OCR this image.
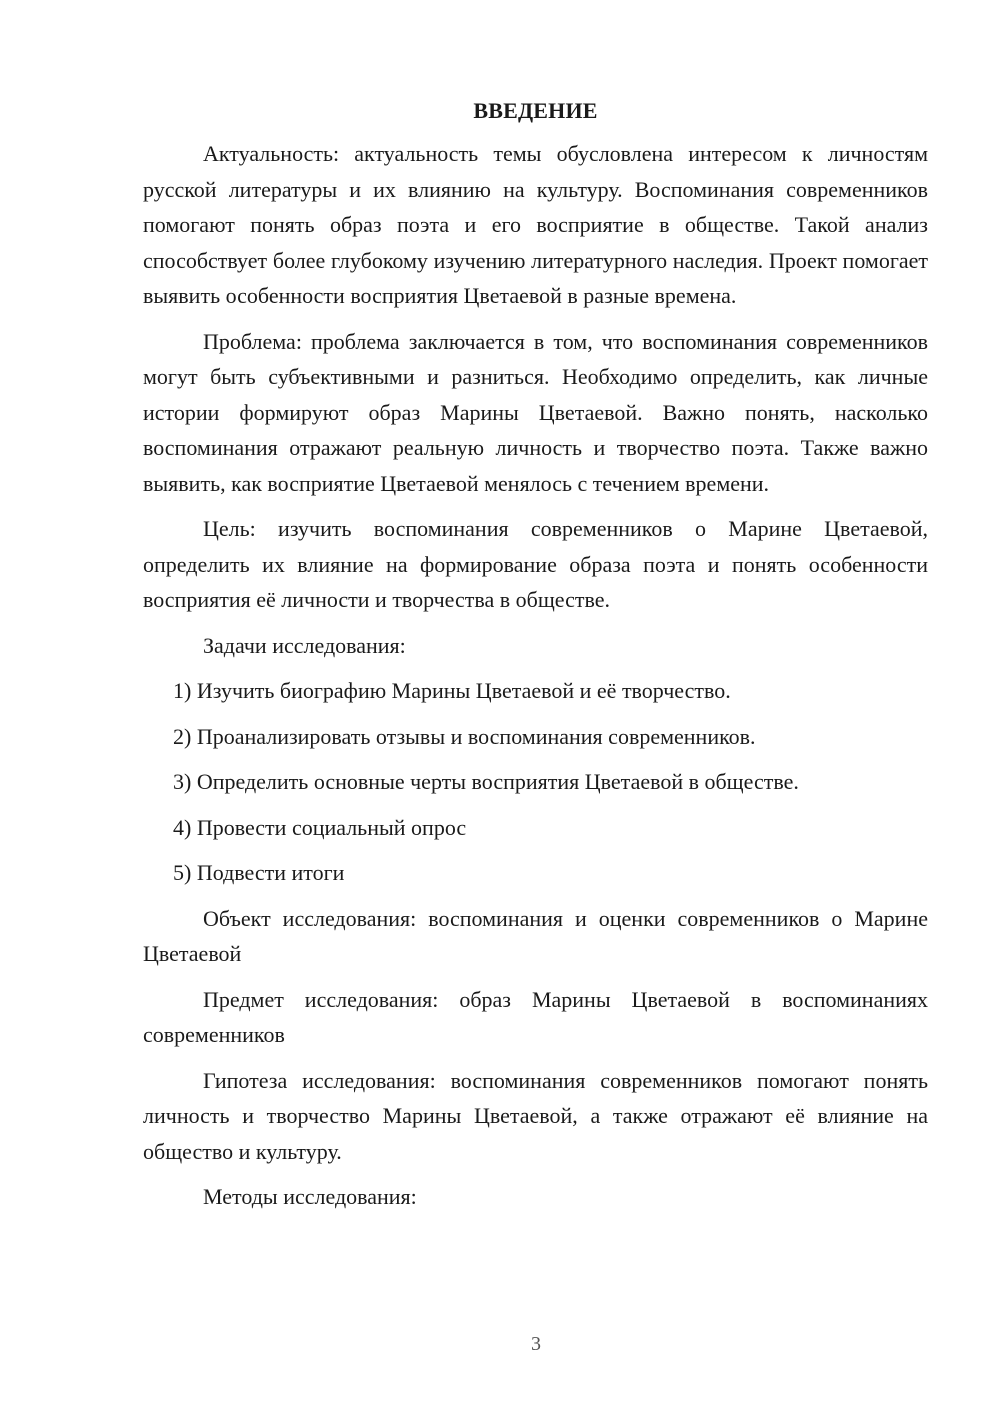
ВВЕДЕНИЕ

Актуальность: актуальность темы обусловлена интересом к личностям русской литературы и их влиянию на культуру. Воспоминания современников помогают понять образ поэта и его восприятие в обществе. Такой анализ способствует более глубокому изучению литературного наследия. Проект помогает выявить особенности восприятия Цветаевой в разные времена.

Проблема: проблема заключается в том, что воспоминания современников могут быть субъективными и разниться. Необходимо определить, как личные истории формируют образ Марины Цветаевой. Важно понять, насколько воспоминания отражают реальную личность и творчество поэта. Также важно выявить, как восприятие Цветаевой менялось с течением времени.

Цель: изучить воспоминания современников о Марине Цветаевой, определить их влияние на формирование образа поэта и понять особенности восприятия её личности и творчества в обществе.

Задачи исследования:

1) Изучить биографию Марины Цветаевой и её творчество.

2) Проанализировать отзывы и воспоминания современников.

3) Определить основные черты восприятия Цветаевой в обществе.

4) Провести социальный опрос

5) Подвести итоги

Объект исследования: воспоминания и оценки современников о Марине Цветаевой

Предмет исследования: образ Марины Цветаевой в воспоминаниях современников

Гипотеза исследования: воспоминания современников помогают понять личность и творчество Марины Цветаевой, а также отражают её влияние на общество и культуру.

Методы исследования:

3
